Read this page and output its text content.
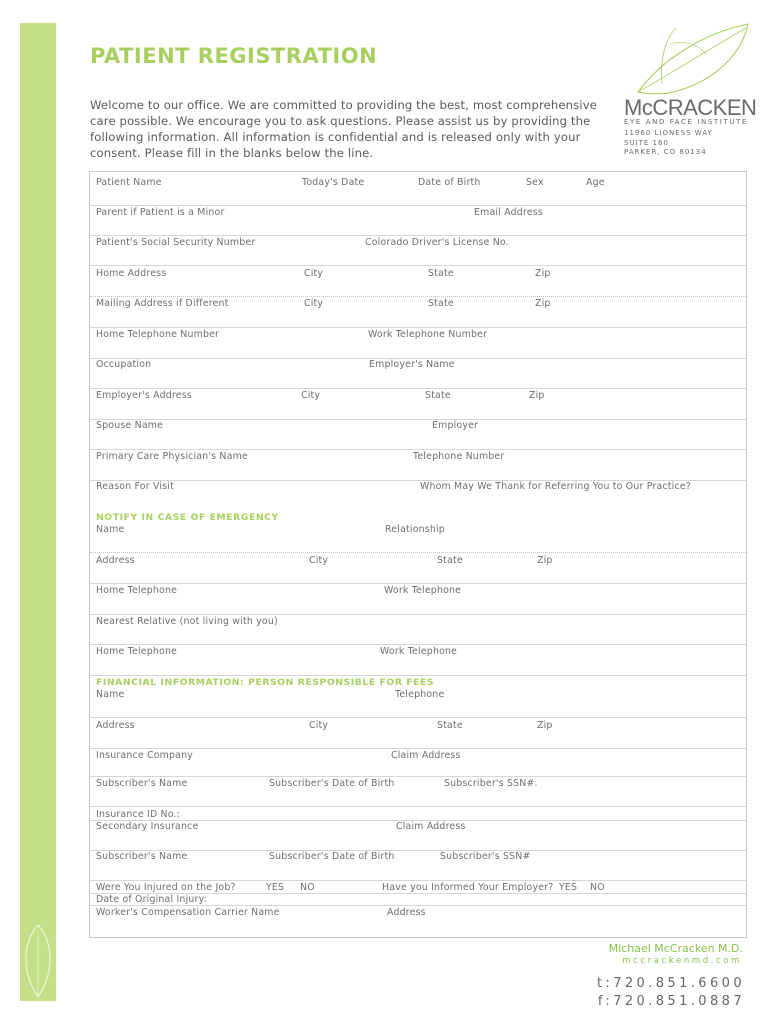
PATIENT REGISTRATION

Welcome to our office. We are committed to providing the best, most comprehensive care possible. We encourage you to ask questions. Please assist us by providing the following information. All information is confidential and is released only with your consent. Please fill in the blanks below the line.

McCRACKEN
EYE AND FACE INSTITUTE
11960 LIONESS WAY
SUITE 160
PARKER, CO 80134
Patient Name	Today's Date	Date of Birth	Sex	Age
Parent if Patient is a Minor	Email Address
Patient's Social Security Number	Colorado Driver's License No.
Home Address	City	State	Zip
Mailing Address if Different	City	State	Zip
Home Telephone Number	Work Telephone Number
Occupation	Employer's Name
Employer's Address	City	State	Zip
Spouse Name	Employer
Primary Care Physician's Name	Telephone Number
Reason For Visit	Whom May We Thank for Referring You to Our Practice?
NOTIFY IN CASE OF EMERGENCY
Name	Relationship
Address	City	State	Zip
Home Telephone	Work Telephone
Nearest Relative (not living with you)
Home Telephone	Work Telephone
FINANCIAL INFORMATION: PERSON RESPONSIBLE FOR FEES
Name	Telephone
Address	City	State	Zip
Insurance Company	Claim Address
Subscriber's Name	Subscriber's Date of Birth	Subscriber's SSN#.
Insurance ID No.:
Secondary Insurance	Claim Address
Subscriber's Name	Subscriber's Date of Birth	Subscriber's SSN#
Were You Injured on the Job?	YES NO	Have you Informed Your Employer? YES NO
Date of Original Injury:
Worker's Compensation Carrier Name	Address
Michael McCracken M.D.
mccrackenmd.com
t:720.851.6600
f:720.851.0887
